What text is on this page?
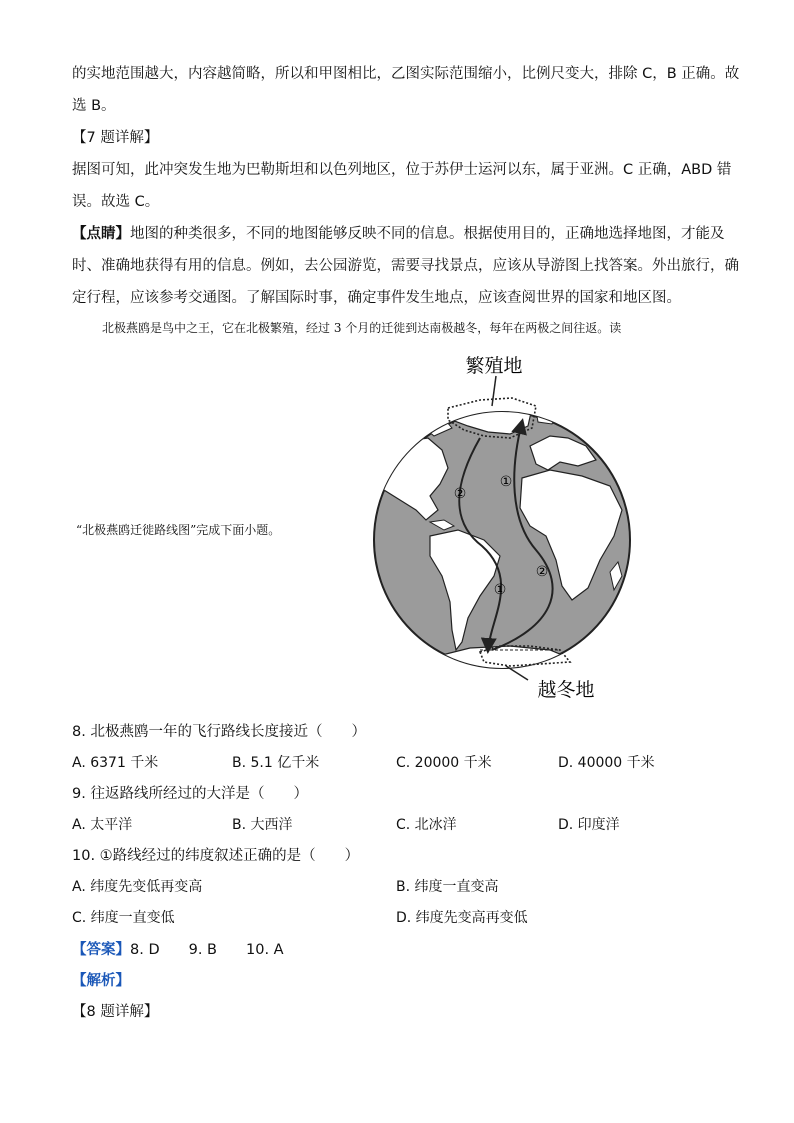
的实地范围越大，内容越简略，所以和甲图相比，乙图实际范围缩小，比例尺变大，排除 C，B 正确。故
选 B。
【7 题详解】
据图可知，此冲突发生地为巴勒斯坦和以色列地区，位于苏伊士运河以东，属于亚洲。C 正确，ABD 错
误。故选 C。
【点睛】地图的种类很多，不同的地图能够反映不同的信息。根据使用目的，正确地选择地图，才能及
时、准确地获得有用的信息。例如，去公园游览，需要寻找景点，应该从导游图上找答案。外出旅行，确
定行程，应该参考交通图。了解国际时事，确定事件发生地点，应该查阅世界的国家和地区图。
北极燕鸥是鸟中之王，它在北极繁殖，经过 3 个月的迁徙到达南极越冬，每年在两极之间往返。读
“北极燕鸥迁徙路线图”完成下面小题。
①
②
①
②
繁殖地
越冬地
8. 北极燕鸥一年的飞行路线长度接近（　　）
A. 6371 千米	B. 5.1 亿千米	C. 20000 千米	D. 40000 千米
9. 往返路线所经过的大洋是（　　）
A. 太平洋	B. 大西洋	C. 北冰洋	D. 印度洋
10. ①路线经过的纬度叙述正确的是（　　）
A. 纬度先变低再变高	B. 纬度一直变高
C. 纬度一直变低	D. 纬度先变高再变低
【答案】8. D　　9. B　　10. A
【解析】
【8 题详解】
